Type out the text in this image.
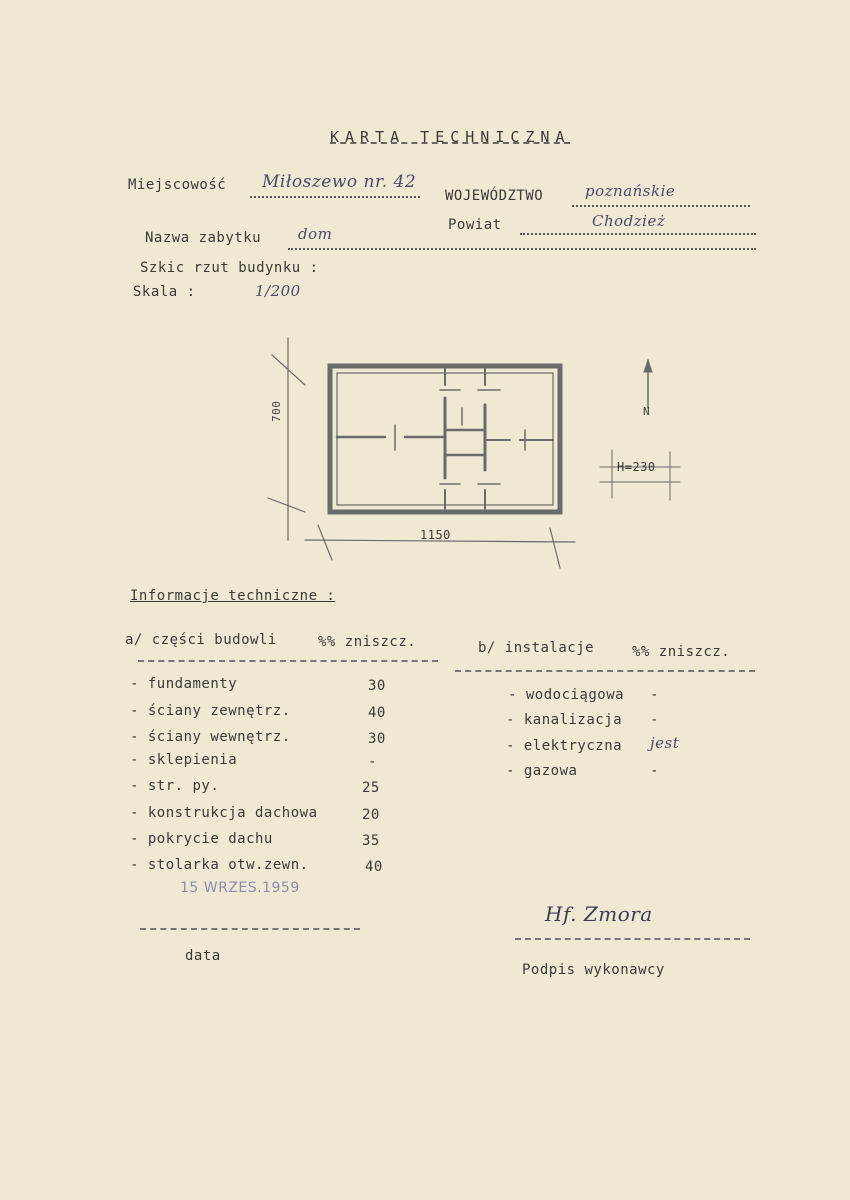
KARTA TECHNICZNA
Miejscowość Miłoszewo nr. 42
WOJEWÓDZTWO	poznańskie
Powiat	Chodzież
Nazwa zabytku dom
Szkic rzut budynku :
Skala :	1/200
700
1150
H=230
N
Informacje techniczne :
a/ części budowli	%% zniszcz.	b/ instalacje	%% zniszcz.
- fundamenty	30
- ściany zewnętrz.	40
- ściany wewnętrz.	30
- sklepienia	-
- str. py.	25
- konstrukcja dachowa	20
- pokrycie dachu	35
- stolarka otw.zewn.	40
- wodociągowa -
- kanalizacja -
- elektryczna jest
- gazowa	-
15 WRZES.1959
data
Hf. Zmora
Podpis wykonawcy
